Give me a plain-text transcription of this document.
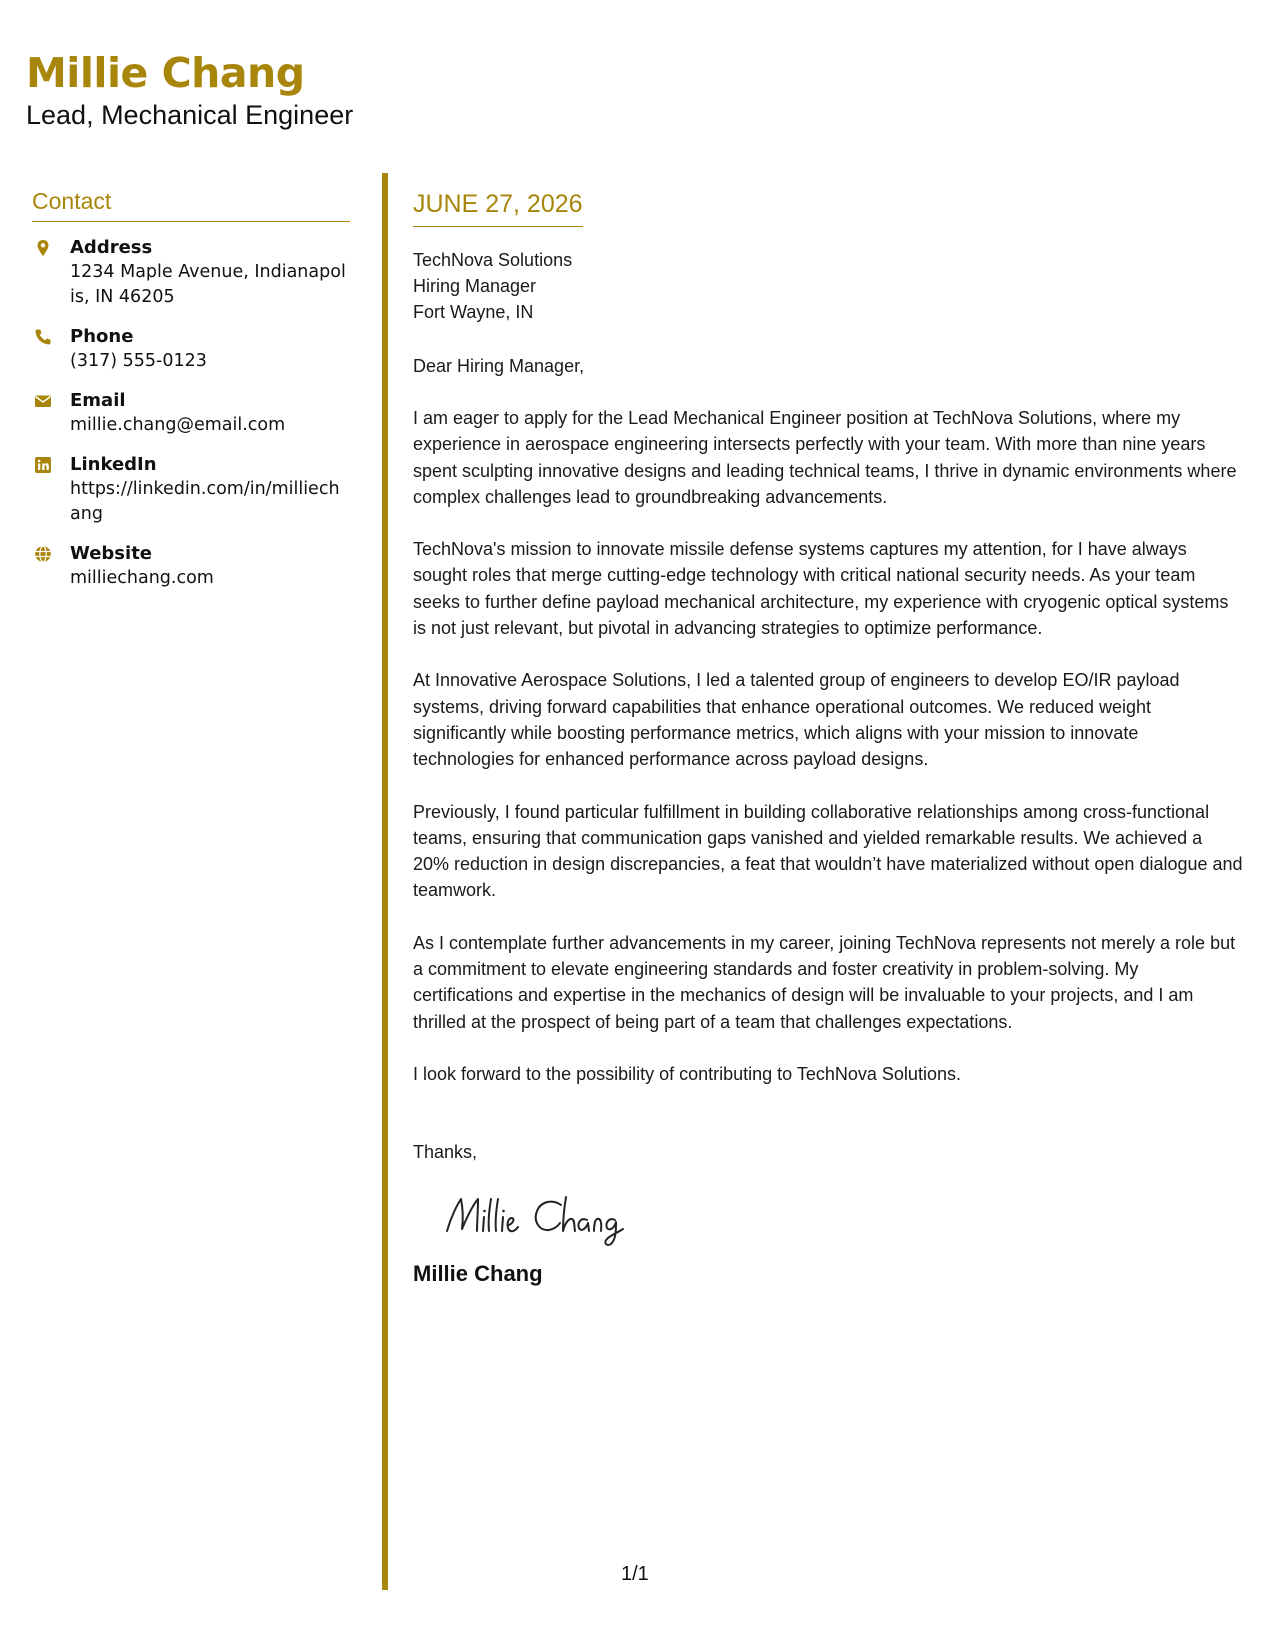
Millie Chang
Lead, Mechanical Engineer
Contact
Address
1234 Maple Avenue, Indianapolis, IN 46205
Phone
(317) 555-0123
Email
millie.chang@email.com
LinkedIn
https://linkedin.com/in/milliechang
Website
milliechang.com
JUNE 27, 2026
TechNova Solutions
Hiring Manager
Fort Wayne, IN
Dear Hiring Manager,
I am eager to apply for the Lead Mechanical Engineer position at TechNova Solutions, where my experience in aerospace engineering intersects perfectly with your team. With more than nine years spent sculpting innovative designs and leading technical teams, I thrive in dynamic environments where complex challenges lead to groundbreaking advancements.
TechNova's mission to innovate missile defense systems captures my attention, for I have always sought roles that merge cutting-edge technology with critical national security needs. As your team seeks to further define payload mechanical architecture, my experience with cryogenic optical systems is not just relevant, but pivotal in advancing strategies to optimize performance.
At Innovative Aerospace Solutions, I led a talented group of engineers to develop EO/IR payload systems, driving forward capabilities that enhance operational outcomes. We reduced weight significantly while boosting performance metrics, which aligns with your mission to innovate technologies for enhanced performance across payload designs.
Previously, I found particular fulfillment in building collaborative relationships among cross-functional teams, ensuring that communication gaps vanished and yielded remarkable results. We achieved a 20% reduction in design discrepancies, a feat that wouldn’t have materialized without open dialogue and teamwork.
As I contemplate further advancements in my career, joining TechNova represents not merely a role but a commitment to elevate engineering standards and foster creativity in problem-solving. My certifications and expertise in the mechanics of design will be invaluable to your projects, and I am thrilled at the prospect of being part of a team that challenges expectations.
I look forward to the possibility of contributing to TechNova Solutions.
Thanks,
Millie Chang
1/1
